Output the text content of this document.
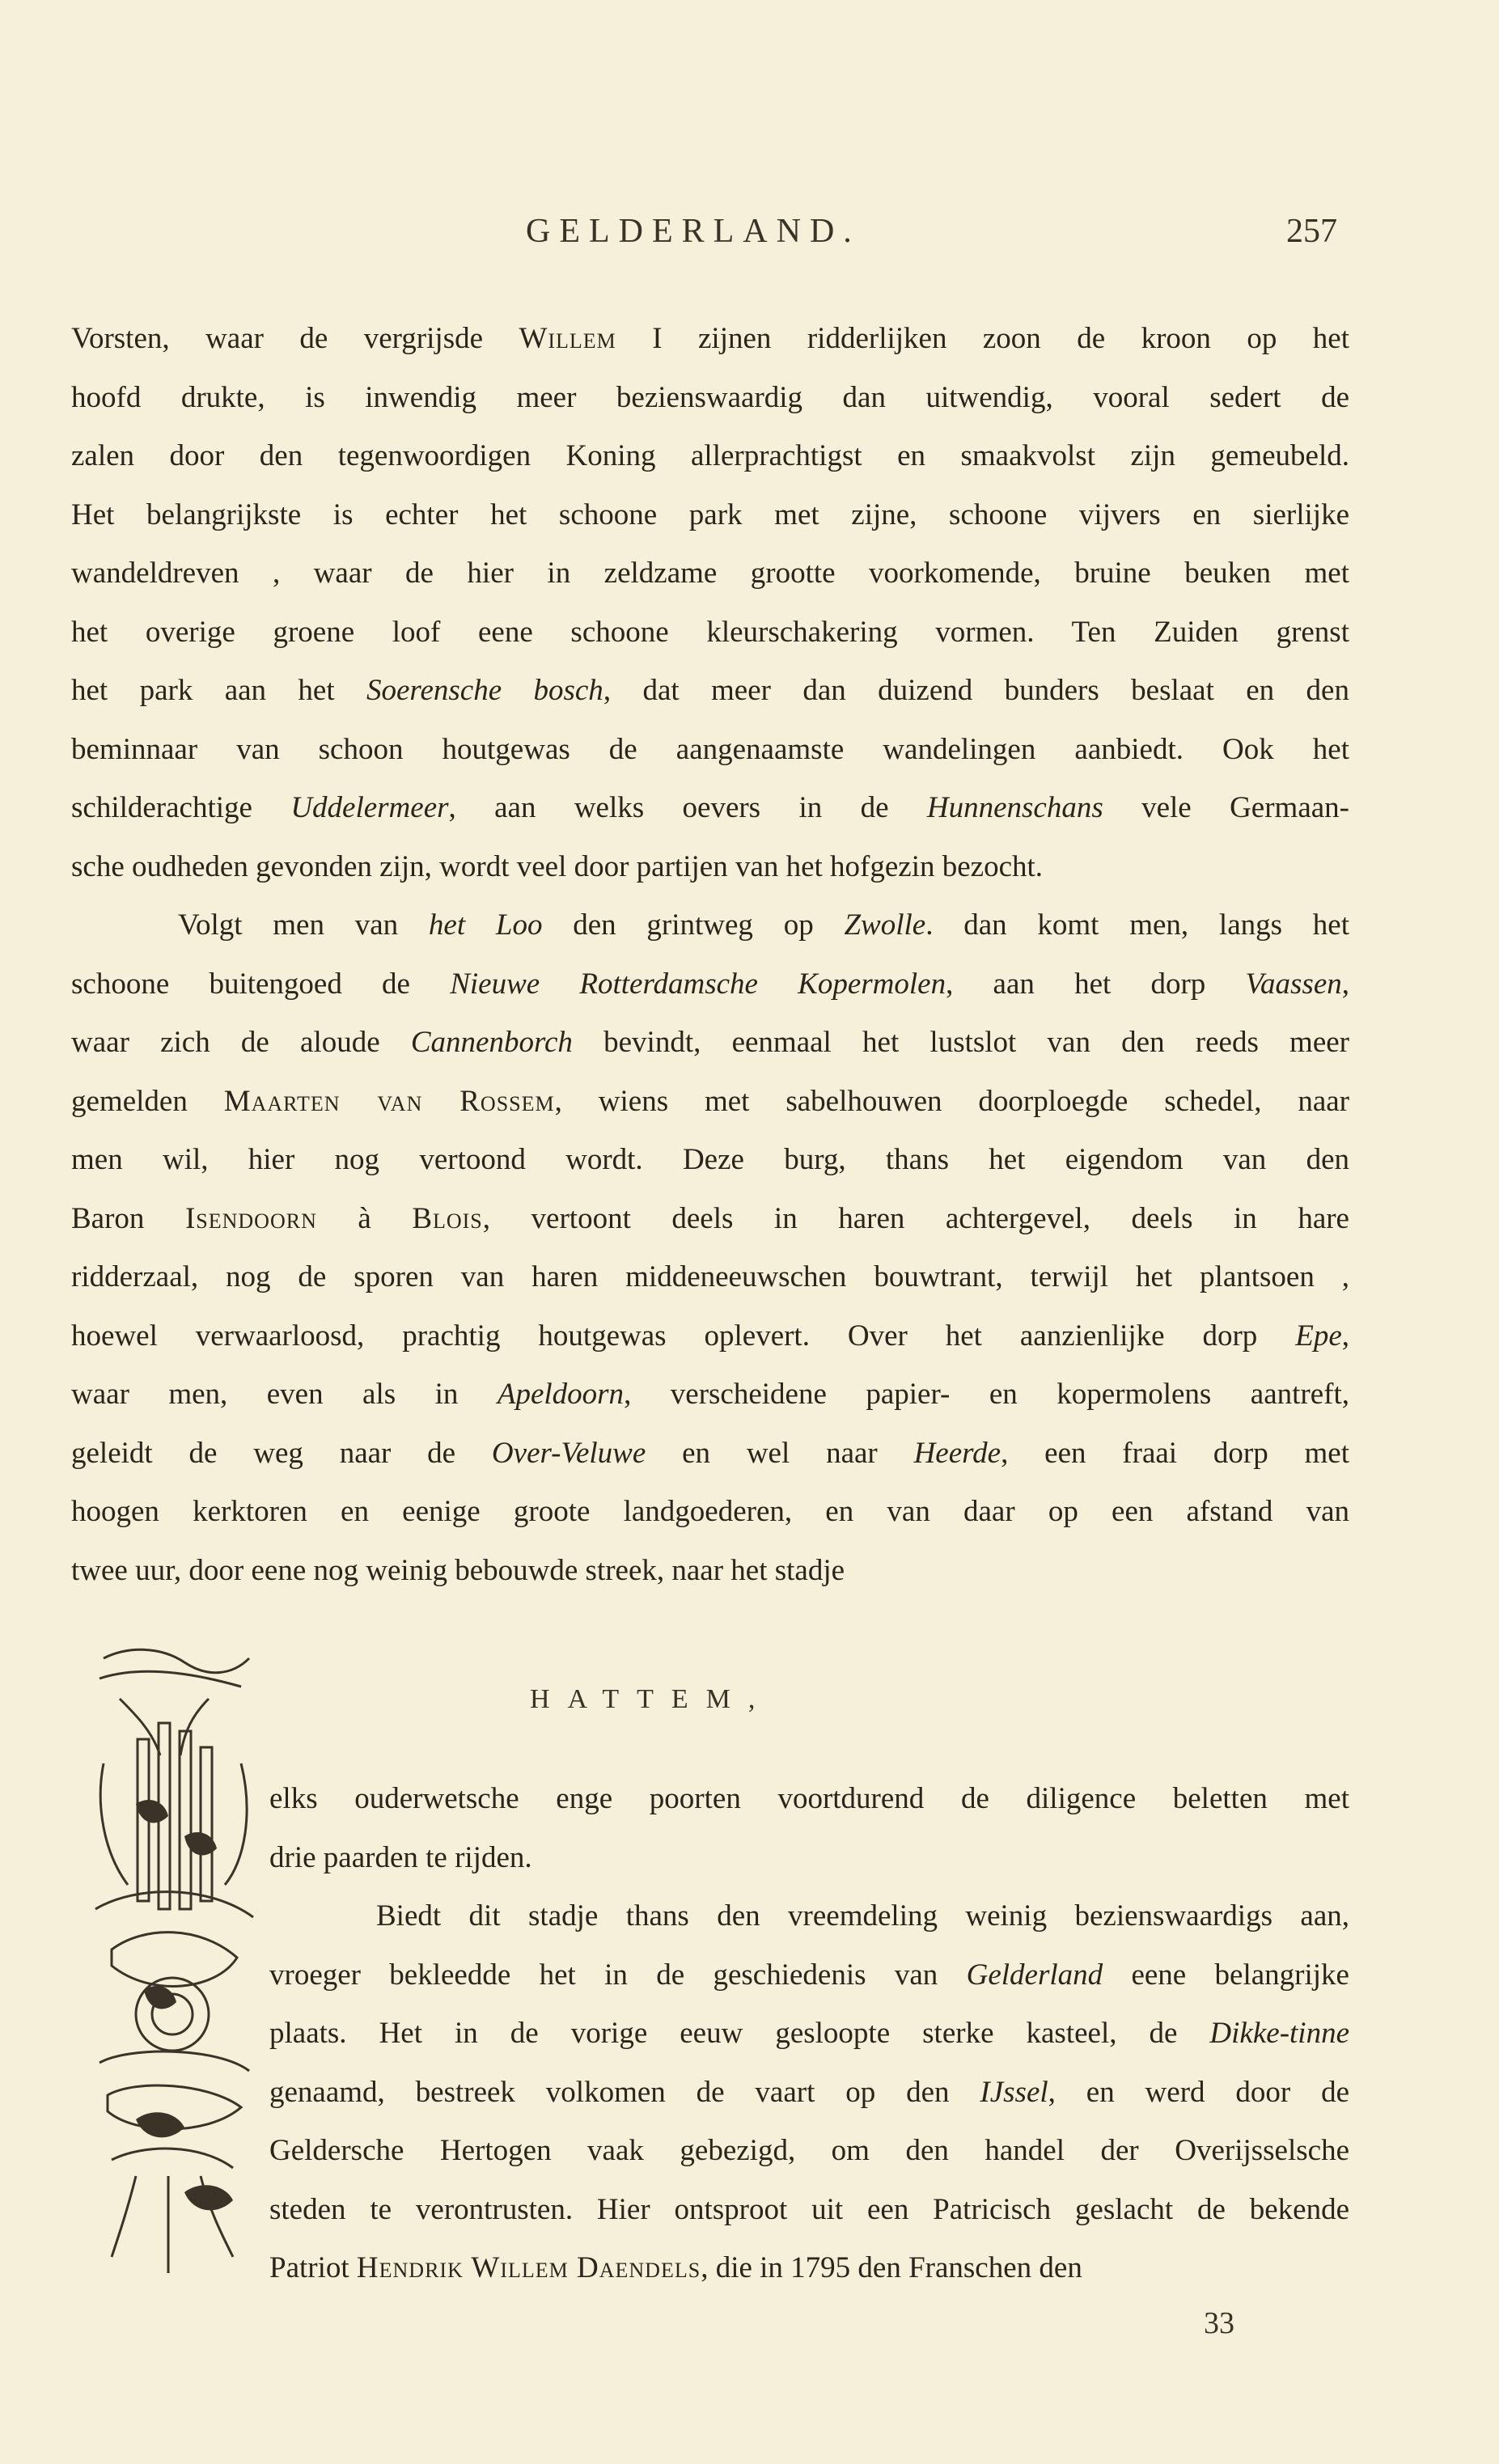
GELDERLAND.	257
Vorsten, waar de vergrijsde Willem I zijnen ridderlijken zoon de kroon op het
hoofd drukte, is inwendig meer bezienswaardig dan uitwendig, vooral sedert de
zalen door den tegenwoordigen Koning allerprachtigst en smaakvolst zijn gemeubeld.
Het belangrijkste is echter het schoone park met zijne, schoone vijvers en sierlijke
wandeldreven , waar de hier in zeldzame grootte voorkomende, bruine beuken met
het overige groene loof eene schoone kleurschakering vormen. Ten Zuiden grenst
het park aan het Soerensche bosch, dat meer dan duizend bunders beslaat en den
beminnaar van schoon houtgewas de aangenaamste wandelingen aanbiedt. Ook het
schilderachtige Uddelermeer, aan welks oevers in de Hunnenschans vele Germaan-
sche oudheden gevonden zijn, wordt veel door partijen van het hofgezin bezocht.
Volgt men van het Loo den grintweg op Zwolle. dan komt men, langs het
schoone buitengoed de Nieuwe Rotterdamsche Kopermolen, aan het dorp Vaassen,
waar zich de aloude Cannenborch bevindt, eenmaal het lustslot van den reeds meer
gemelden Maarten van Rossem, wiens met sabelhouwen doorploegde schedel, naar
men wil, hier nog vertoond wordt. Deze burg, thans het eigendom van den
Baron Isendoorn à Blois, vertoont deels in haren achtergevel, deels in hare
ridderzaal, nog de sporen van haren middeneeuwschen bouwtrant, terwijl het plantsoen ,
hoewel verwaarloosd, prachtig houtgewas oplevert. Over het aanzienlijke dorp Epe,
waar men, even als in Apeldoorn, verscheidene papier- en kopermolens aantreft,
geleidt de weg naar de Over-Veluwe en wel naar Heerde, een fraai dorp met
hoogen kerktoren en eenige groote landgoederen, en van daar op een afstand van
twee uur, door eene nog weinig bebouwde streek, naar het stadje
HATTEM,
elks ouderwetsche enge poorten voortdurend de diligence beletten met
drie paarden te rijden.
Biedt dit stadje thans den vreemdeling weinig bezienswaardigs aan,
vroeger bekleedde het in de geschiedenis van Gelderland eene belangrijke
plaats. Het in de vorige eeuw gesloopte sterke kasteel, de Dikke-tinne
genaamd, bestreek volkomen de vaart op den IJssel, en werd door de
Geldersche Hertogen vaak gebezigd, om den handel der Overijsselsche
steden te verontrusten. Hier ontsproot uit een Patricisch geslacht de bekende
Patriot Hendrik Willem Daendels, die in 1795 den Franschen den
33
